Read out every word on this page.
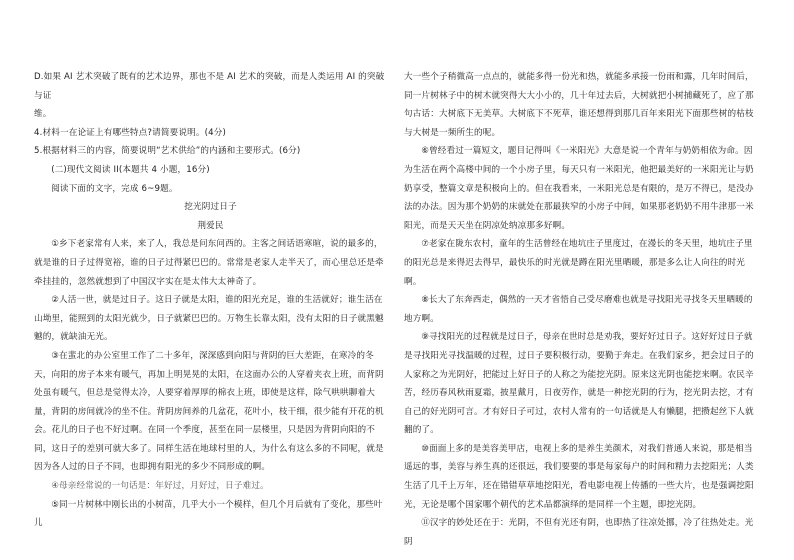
D.如果 AI 艺术突破了既有的艺术边界，那也不是 AI 艺术的突破，而是人类运用 AI 的突破与证

维。

4.材料一在论证上有哪些特点?请简要说明。(4分)

5.根据材料三的内容，简要说明“艺术供给”的内涵和主要形式。(6分)

(二)现代文阅读 II(本题共 4 小题，16分)

阅读下面的文字，完成 6~9题。

挖光阴过日子

荆爱民

①乡下老家常有人来，来了人，我总是问东问西的。主客之间话语寒暄，说的最多的，就是谁的日子过得宽裕，谁的日子过得紧巴巴的。常常是老家人走半天了，而心里总还是牵牵挂挂的，忽然就想到了中国汉字实在是太伟大太神奇了。

②人活一世，就是过日子。这日子就是太阳，谁的阳光充足，谁的生活就好；谁生活在山坳里，能照到的太阳光就少，日子就紧巴巴的。万物生长靠太阳，没有太阳的日子就黑魆魆的，就缺油无光。

③在蜚北的办公室里工作了二十多年，深深感到向阳与背阴的巨大差距，在寒冷的冬天，向阳的房子本来有暖气，再加上明晃晃的太阳，在这面办公的人穿着夹衣上班，而背阴处虽有暖气，但总是觉得太冷，人要穿着厚厚的棉衣上班，即使是这样，除气哄哄聊着大量，背阴的房间就冷的坐不住。背阴房间养的几盆花，花叶小，枝干细，很少能有开花的机会。花儿的日子也不好过啊。在同一个季度，甚至在同一层楼里，只是因为背阴向阳的不同，这日子的差别可就大多了。同样生活在地球村里的人，为什么有这么多的不同呢，就是因为各人过的日子不同，也即拥有阳光的多少不同形成的啊。

④母亲经常说的一句话是：年好过，月好过，日子难过。

⑤同一片树林中刚长出的小树苗，几乎大小一个模样，但几个月后就有了变化，那些叶儿

大一些个子稍微高一点点的，就能多得一份光和热，就能多承接一份雨和露，几年时间后，同一片树林子中的树木就突得大大小小的，几十年过去后，大树就把小树捕藏死了，应了那句古话：大树底下无美草。大树底下不死草，谁还想得到那几百年来阳光下面那些树的枯枝与大树是一频所生的呢。

⑥曾经看过一篇短文，题目记得叫《一米阳光》大意是说一个青年与奶奶相依为命。因为生活在两个高楼中间的一个小房子里，每天只有一米阳光，他把最美好的一米阳光让与奶奶享受，整篇文章是积极向上的。但在我看来，一米阳光总是有限的，是万不得已，是没办法的办法。因为那个奶奶的床就处在那最狭窄的小房子中间，如果那老奶奶不用牛津那一米阳光，而是天天坐在阴凉处纳凉那多好啊。

⑦老家在陇东农村，童年的生活曾经在地坑庄子里度过，在漫长的冬天里，地坑庄子里的阳光总是来得迟去得早，最快乐的时光就是蹲在阳光里晒暖，那是多么让人向往的时光啊。

⑧长大了东奔西走，偶然的一天才省悟自己受尽磨难也就是寻找阳光寻找冬天里晒暖的地方啊。

⑨寻找阳光的过程就是过日子，母亲在世时总是劝我，要好好过日子。这好好过日子就是寻找阳光寻找温暖的过程，过日子要积极行动，要勤于奔走。在我们家乡，把会过日子的人家称之为光阴好，把能过上好日子的人称之为能挖光阴。原来这光阴也能挖来啊。农民辛苦，经历春风秋雨夏霜，披星戴月，日夜劳作，就是一种挖光阴的行为，挖光阴去挖，才有自己的好光阴可言。才有好日子可过，农村人常有的一句话就是人有懒腿，把攒起丝下人就翻的了。

⑩面面上多的是美容美甲店，电视上多的是养生美颜术，对我们普通人来说，那是相当遥远的事，美容与养生真的还很远，我们要要的事是每家每户的时间和精力去挖阳光；人类生活了几千上万年，还在错错草草地挖阳光，看电影电视上传播的一些大片，也是强调挖阳光，无论是哪个国家哪个朝代的艺术品都演绎的是同样一个主题，即挖光阴。

⑪汉字的妙处还在于：光阴，不但有光还有阴，也即热了往凉处挪，冷了往热处走。光阴
